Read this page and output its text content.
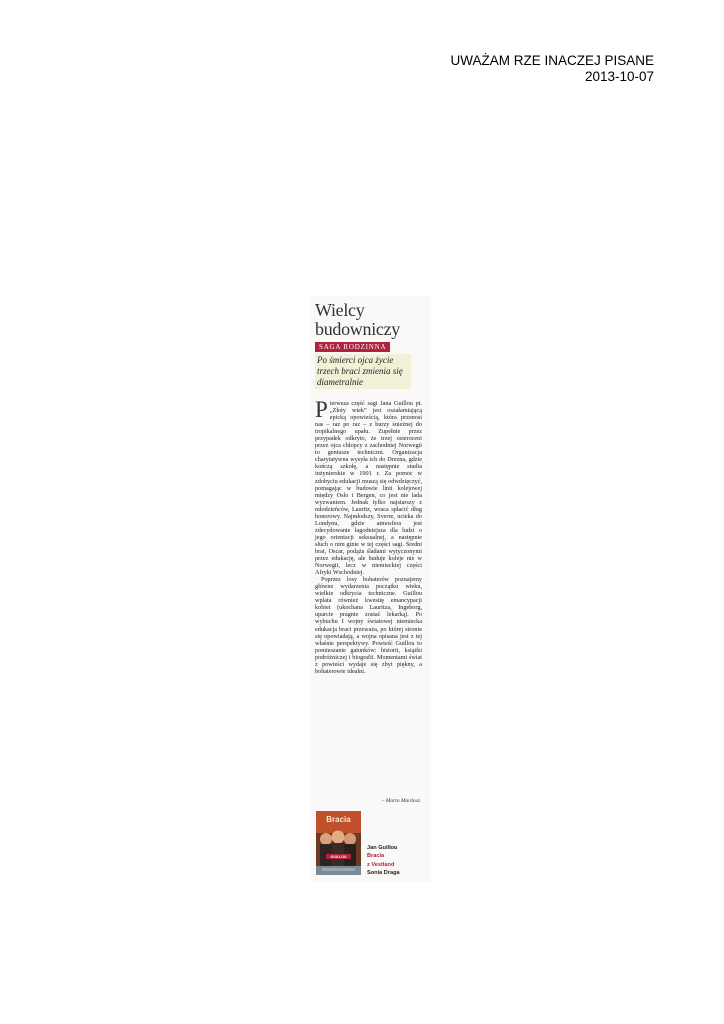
UWAŻAM RZE INACZEJ PISANE
2013-10-07
Wielcy budowniczy
SAGA RODZINNA
Po śmierci ojca życie trzech braci zmienia się diametralnie

Pierwsza część sagi Jana Guillou pt. „Złoty wiek” jest oszałamiającą epicką opowieścią, która przenosi nas – raz po raz – z burzy śnieżnej do tropikalnego upału. Zupełnie przez przypadek odkryto, że trzej osieroceni przez ojca chłopcy z zachodniej Norwegii to geniusze techniczni. Organizacja charytatywna wysyła ich do Drezna, gdzie kończą szkołę, a następnie studia inżynierskie w 1901 r. Za pomoc w zdobyciu edukacji muszą się odwdzięczyć, pomagając w budowie linii kolejowej między Oslo i Bergen, co jest nie lada wyzwaniem. Jednak tylko najstarszy z młodzieńców, Lauritz, wraca spłacić dług honorowy. Najmłodszy, Sverre, ucieka do Londynu, gdzie atmosfera jest zdecydowanie łagodniejsza dla ludzi o jego orientacji seksualnej, a następnie słuch o nim ginie w tej części sagi. Średni brat, Oscar, podąża śladami wytyczonymi przez edukację, ale buduje koleje nie w Norwegii, lecz w niemieckiej części Afryki Wschodniej.

Poprzez losy bohaterów poznajemy główne wydarzenia początku wieku, wielkie odkrycia techniczne. Guillou wplata również kwestię emancypacji kobiet (ukochana Lauritza, Ingeborg, uparcie pragnie zostać lekarką). Po wybuchu I wojny światowej niemiecka edukacja braci przeważa, po której stronie się opowiadają, a wojna opisana jest z tej właśnie perspektywy. Powieść Guillou to pomieszanie gatunków: historii, książki podróżniczej i biografii. Momentami świat z powieści wydaje się zbyt piękny, a bohaterowie idealni.

– Marta Mardosz
Bracia
GUILLOU
Jan Guillou
Bracia
z Vestland
Sonia Draga
